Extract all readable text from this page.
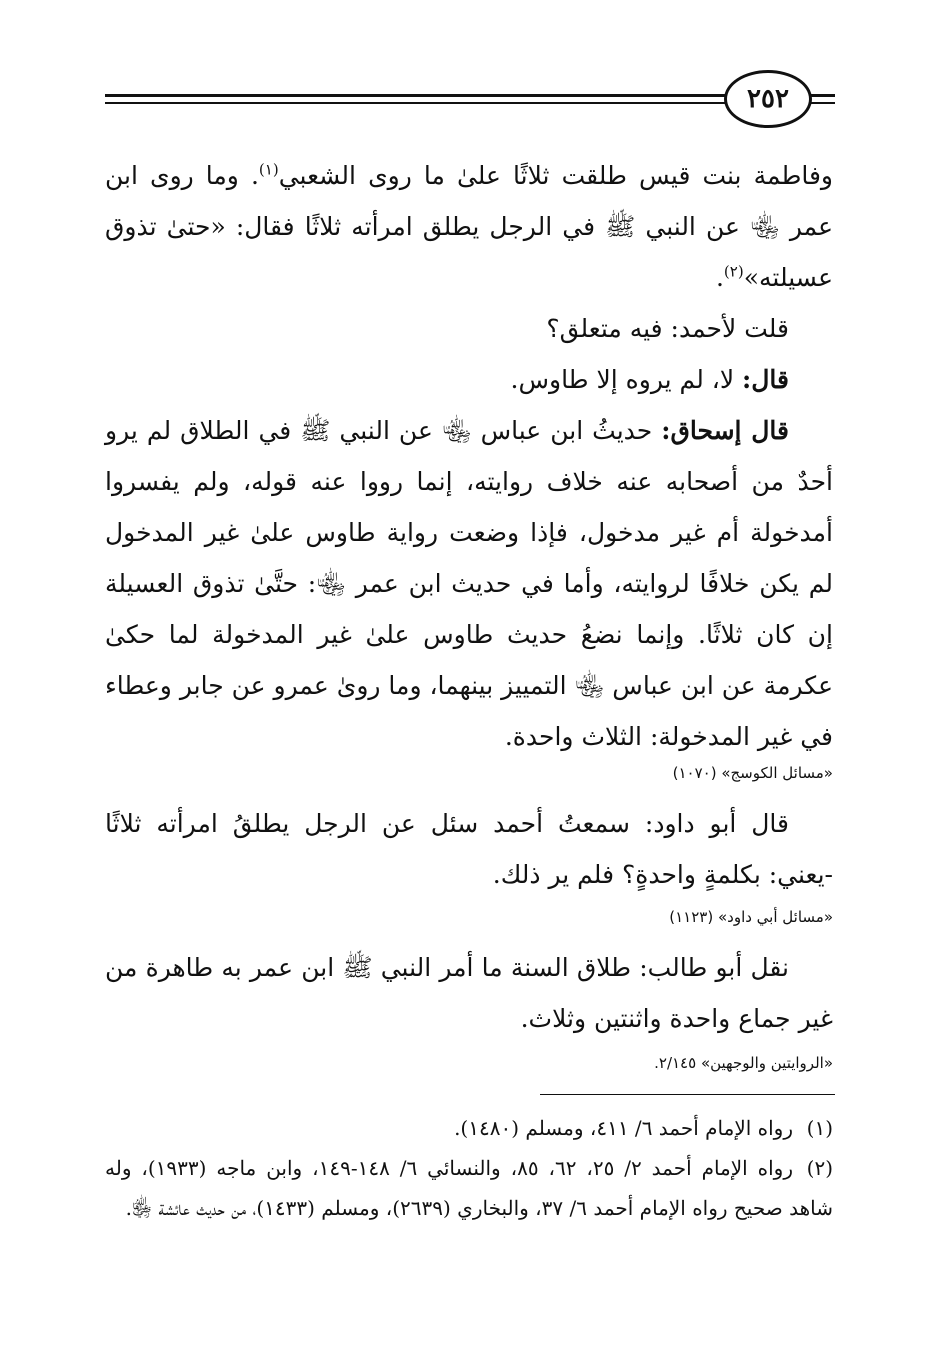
٢٥٢

وفاطمة بنت قيس طلقت ثلاثًا علىٰ ما روى الشعبي$^{(١)}$. وما روى ابن عمر ﵄ عن النبي ﷺ في الرجل يطلق امرأته ثلاثًا فقال: «حتىٰ تذوق عسيلته»$^{(٢)}$.

قلت لأحمد: فيه متعلق؟

قال: لا، لم يروه إلا طاوس.

قال إسحاق: حديثُ ابن عباس ﵄ عن النبي ﷺ في الطلاق لم يرو أحدٌ من أصحابه عنه خلاف روايته، إنما رووا عنه قوله، ولم يفسروا أمدخولة أم غير مدخول، فإذا وضعت رواية طاوس علىٰ غير المدخول لم يكن خلافًا لروايته، وأما في حديث ابن عمر ﵄: حتَّىٰ تذوق العسيلة إن كان ثلاثًا. وإنما نضعُ حديث طاوس علىٰ غير المدخولة لما حكىٰ عكرمة عن ابن عباس ﵄ التمييز بينهما، وما رو‌ىٰ عمرو عن جابر وعطاء في غير المدخولة: الثلاث واحدة.

«مسائل الكوسج» (١٠٧٠)

قال أبو داود: سمعتُ أحمد سئل عن الرجل يطلقُ امرأته ثلاثًا -يعني: بكلمةٍ واحدةٍ؟ فلم ير ذلك.

«مسائل أبي داود» (١١٢٣)

نقل أبو طالب: طلاق السنة ما أمر النبي ﷺ ابن عمر به طاهرة من غير جماع واحدة واثنتين وثلاث.

«الروايتين والوجهين» ٢/١٤٥.

(١)رواه الإمام أحمد ٦/ ٤١١، ومسلم (١٤٨٠).

(٢)رواه الإمام أحمد ٢/ ٢٥، ٦٢، ٨٥، والنسائي ٦/ ١٤٨-١٤٩، وابن ماجه (١٩٣٣)، وله شاهد صحيح رواه الإمام أحمد ٦/ ٣٧، والبخاري (٢٦٣٩)، ومسلم (١٤٣٣)، من حديث عائشة ﵂.
